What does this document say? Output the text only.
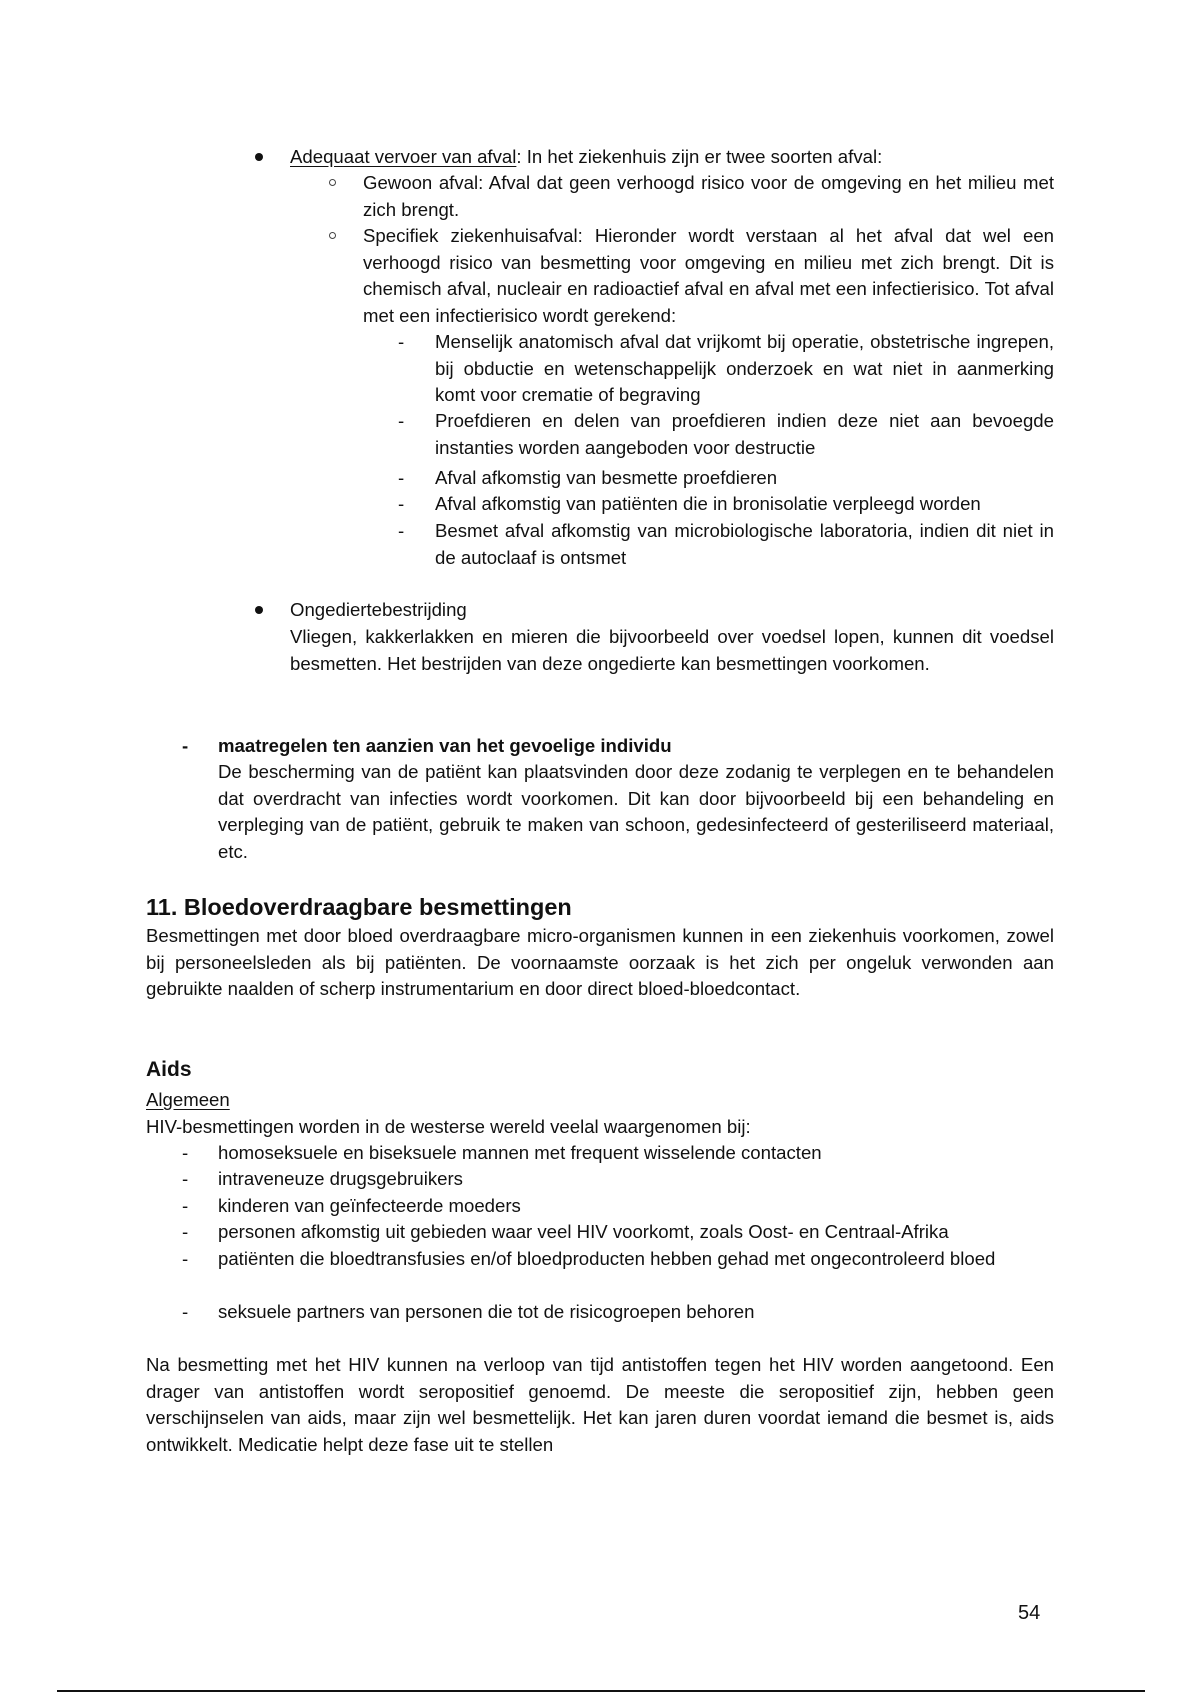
Adequaat vervoer van afval: In het ziekenhuis zijn er twee soorten afval:
Gewoon afval: Afval dat geen verhoogd risico voor de omgeving en het milieu met zich brengt.
Specifiek ziekenhuisafval: Hieronder wordt verstaan al het afval dat wel een verhoogd risico van besmetting voor omgeving en milieu met zich brengt. Dit is chemisch afval, nucleair en radioactief afval en afval met een infectierisico. Tot afval met een infectierisico wordt gerekend:
- Menselijk anatomisch afval dat vrijkomt bij operatie, obstetrische ingrepen, bij obductie en wetenschappelijk onderzoek en wat niet in aanmerking komt voor crematie of begraving
- Proefdieren en delen van proefdieren indien deze niet aan bevoegde instanties worden aangeboden voor destructie
- Afval afkomstig van besmette proefdieren
- Afval afkomstig van patiënten die in bronisolatie verpleegd worden
- Besmet afval afkomstig van microbiologische laboratoria, indien dit niet in de autoclaaf is ontsmet
Ongediertebestrijding
Vliegen, kakkerlakken en mieren die bijvoorbeeld over voedsel lopen, kunnen dit voedsel besmetten. Het bestrijden van deze ongedierte kan besmettingen voorkomen.
- maatregelen ten aanzien van het gevoelige individu
De bescherming van de patiënt kan plaatsvinden door deze zodanig te verplegen en te behandelen dat overdracht van infecties wordt voorkomen. Dit kan door bijvoorbeeld bij een behandeling en verpleging van de patiënt, gebruik te maken van schoon, gedesinfecteerd of gesteriliseerd materiaal, etc.
11. Bloedoverdraagbare besmettingen
Besmettingen met door bloed overdraagbare micro-organismen kunnen in een ziekenhuis voorkomen, zowel bij personeelsleden als bij patiënten. De voornaamste oorzaak is het zich per ongeluk verwonden aan gebruikte naalden of scherp instrumentarium en door direct bloed-bloedcontact.
Aids
Algemeen
HIV-besmettingen worden in de westerse wereld veelal waargenomen bij:
- homoseksuele en biseksuele mannen met frequent wisselende contacten
- intraveneuze drugsgebruikers
- kinderen van geïnfecteerde moeders
- personen afkomstig uit gebieden waar veel HIV voorkomt, zoals Oost- en Centraal-Afrika
- patiënten die bloedtransfusies en/of bloedproducten hebben gehad met ongecontroleerd bloed
- seksuele partners van personen die tot de risicogroepen behoren
Na besmetting met het HIV kunnen na verloop van tijd antistoffen tegen het HIV worden aangetoond. Een drager van antistoffen wordt seropositief genoemd. De meeste die seropositief zijn, hebben geen verschijnselen van aids, maar zijn wel besmettelijk. Het kan jaren duren voordat iemand die besmet is, aids ontwikkelt. Medicatie helpt deze fase uit te stellen
54
